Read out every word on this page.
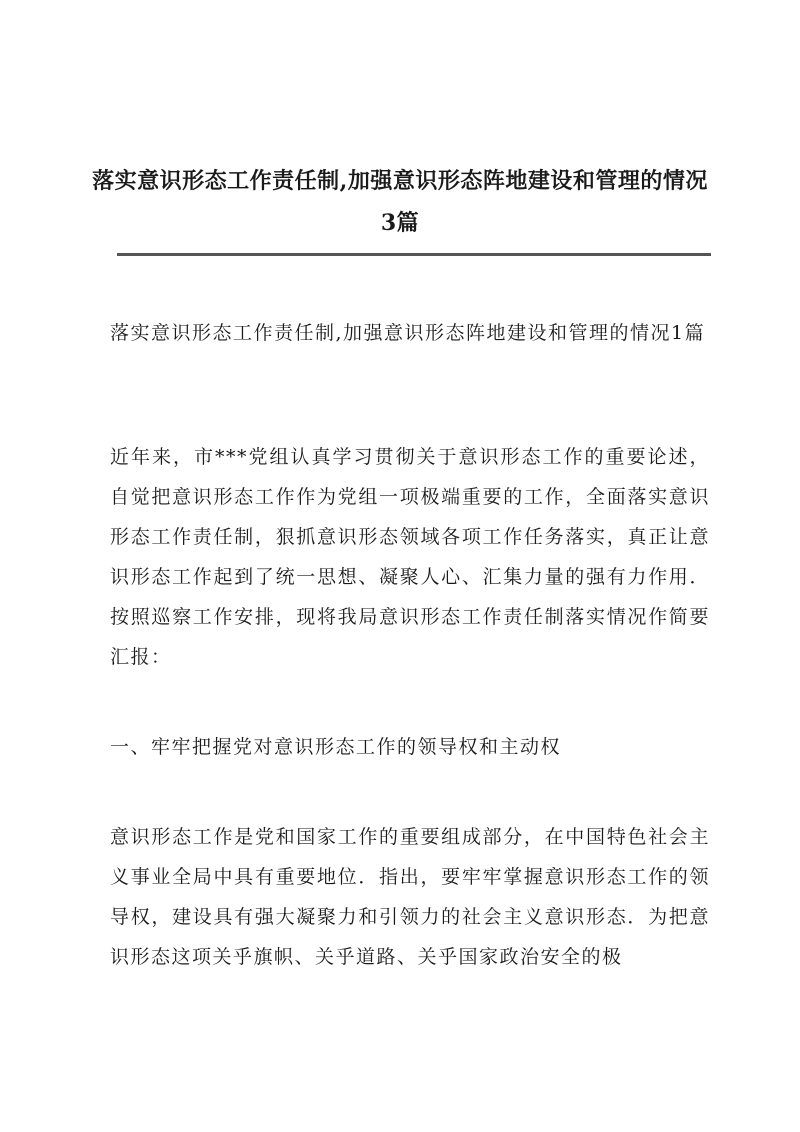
落实意识形态工作责任制,加强意识形态阵地建设和管理的情况
3篇
落实意识形态工作责任制,加强意识形态阵地建设和管理的情况1篇
近年来，市***党组认真学习贯彻关于意识形态工作的重要论述，自觉把意识形态工作作为党组一项极端重要的工作，全面落实意识形态工作责任制，狠抓意识形态领域各项工作任务落实，真正让意识形态工作起到了统一思想、凝聚人心、汇集力量的强有力作用．按照巡察工作安排，现将我局意识形态工作责任制落实情况作简要汇报：
一、牢牢把握党对意识形态工作的领导权和主动权
意识形态工作是党和国家工作的重要组成部分，在中国特色社会主义事业全局中具有重要地位．指出，要牢牢掌握意识形态工作的领导权，建设具有强大凝聚力和引领力的社会主义意识形态．为把意识形态这项关乎旗帜、关乎道路、关乎国家政治安全的极
